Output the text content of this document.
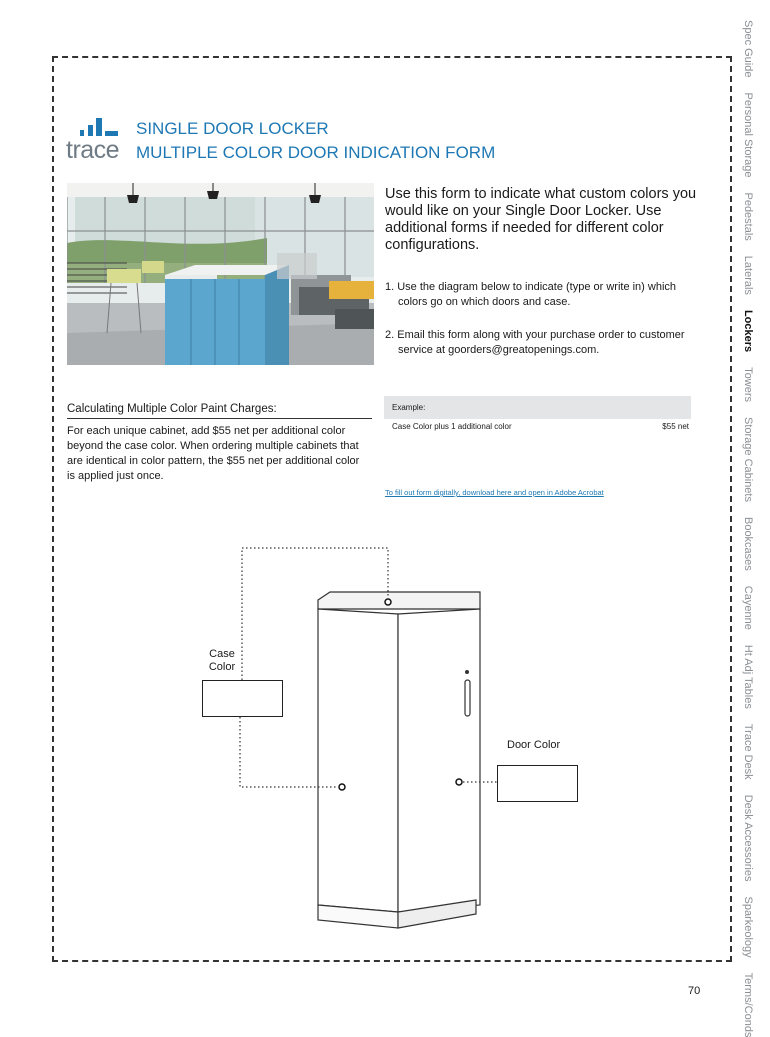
trace
SINGLE DOOR LOCKER
MULTIPLE COLOR DOOR INDICATION FORM

Use this form to indicate what custom colors you would like on your Single Door Locker. Use additional forms if needed for different color configurations.

1. Use the diagram below to indicate (type or write in) which colors go on which doors and case.
2. Email this form along with your purchase order to customer service at goorders@greatopenings.com.
Calculating Multiple Color Paint Charges:

For each unique cabinet, add $55 net per additional color beyond the case color. When ordering multiple cabinets that are identical in color pattern, the $55 net per additional color is applied just once.

Example:
Case Color plus 1 additional color	$55 net
To fill out form digitally, download here and open in Adobe Acrobat
Case Color
Door Color
Spec Guide
Personal Storage
Pedestals
Laterals
Lockers
Towers
Storage Cabinets
Bookcases
Cayenne
Ht Adj Tables
Trace Desk
Desk Accessories
Sparkeology
Terms/Conds
70
